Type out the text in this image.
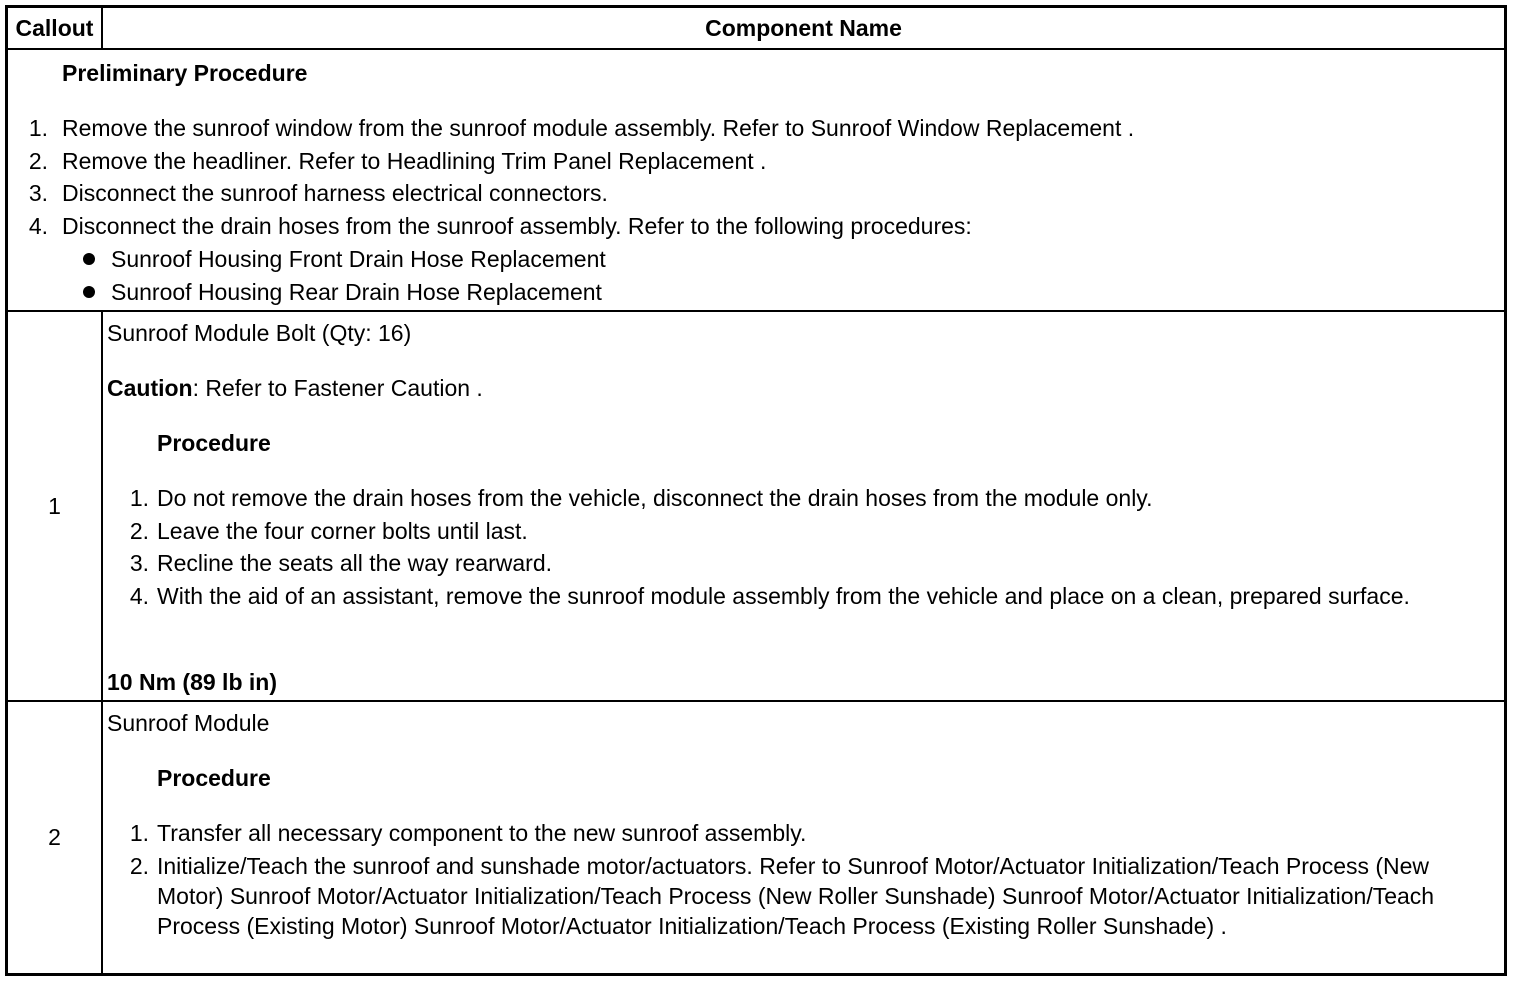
Callout	Component Name
Preliminary Procedure
1. Remove the sunroof window from the sunroof module assembly. Refer to Sunroof Window Replacement .
2. Remove the headliner. Refer to Headlining Trim Panel Replacement .
3. Disconnect the sunroof harness electrical connectors.
4. Disconnect the drain hoses from the sunroof assembly. Refer to the following procedures:
Sunroof Housing Front Drain Hose Replacement
Sunroof Housing Rear Drain Hose Replacement
1
Sunroof Module Bolt (Qty: 16)
Caution: Refer to Fastener Caution .
Procedure
1. Do not remove the drain hoses from the vehicle, disconnect the drain hoses from the module only.
2. Leave the four corner bolts until last.
3. Recline the seats all the way rearward.
4. With the aid of an assistant, remove the sunroof module assembly from the vehicle and place on a clean, prepared surface.
10 Nm (89 lb in)
2
Sunroof Module
Procedure
1. Transfer all necessary component to the new sunroof assembly.
2. Initialize/Teach the sunroof and sunshade motor/actuators. Refer to Sunroof Motor/Actuator Initialization/Teach Process (New Motor) Sunroof Motor/Actuator Initialization/Teach Process (New Roller Sunshade) Sunroof Motor/Actuator Initialization/Teach Process (Existing Motor) Sunroof Motor/Actuator Initialization/Teach Process (Existing Roller Sunshade) .
